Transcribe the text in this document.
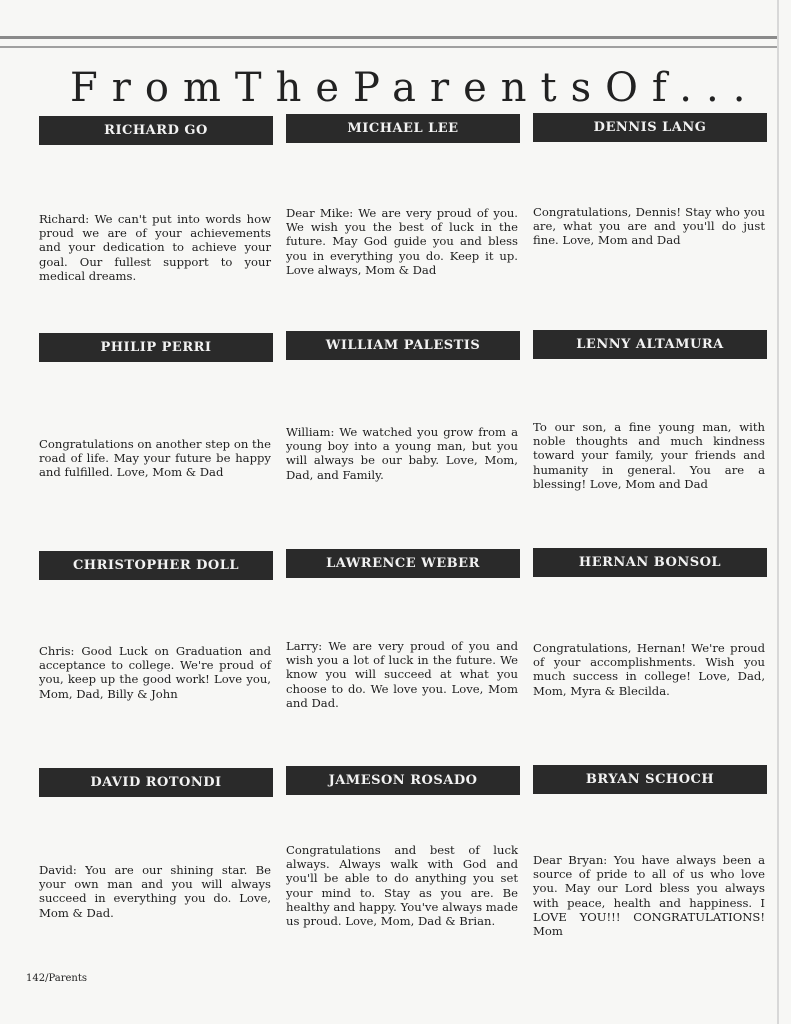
FromTheParentsOf...
RICHARD GO
Richard: We can't put into words how proud we are of your achievements and your dedication to achieve your goal. Our fullest support to your medical dreams.
MICHAEL LEE
Dear Mike: We are very proud of you. We wish you the best of luck in the future. May God guide you and bless you in everything you do. Keep it up. Love always, Mom & Dad
DENNIS LANG
Congratulations, Dennis! Stay who you are, what you are and you'll do just fine. Love, Mom and Dad
PHILIP PERRI
Congratulations on another step on the road of life. May your future be happy and fulfilled. Love, Mom & Dad
WILLIAM PALESTIS
William: We watched you grow from a young boy into a young man, but you will always be our baby. Love, Mom, Dad, and Family.
LENNY ALTAMURA
To our son, a fine young man, with noble thoughts and much kindness toward your family, your friends and humanity in general. You are a blessing! Love, Mom and Dad
CHRISTOPHER DOLL
Chris: Good Luck on Graduation and acceptance to college. We're proud of you, keep up the good work! Love you, Mom, Dad, Billy & John
LAWRENCE WEBER
Larry: We are very proud of you and wish you a lot of luck in the future. We know you will succeed at what you choose to do. We love you. Love, Mom and Dad.
HERNAN BONSOL
Congratulations, Hernan! We're proud of your accomplishments. Wish you much success in college! Love, Dad, Mom, Myra & Blecilda.
DAVID ROTONDI
David: You are our shining star. Be your own man and you will always succeed in everything you do. Love, Mom & Dad.
JAMESON ROSADO
Congratulations and best of luck always. Always walk with God and you'll be able to do anything you set your mind to. Stay as you are. Be healthy and happy. You've always made us proud. Love, Mom, Dad & Brian.
BRYAN SCHOCH
Dear Bryan: You have always been a source of pride to all of us who love you. May our Lord bless you always with peace, health and happiness. I LOVE YOU!!! CONGRATULATIONS! Mom
142/Parents
